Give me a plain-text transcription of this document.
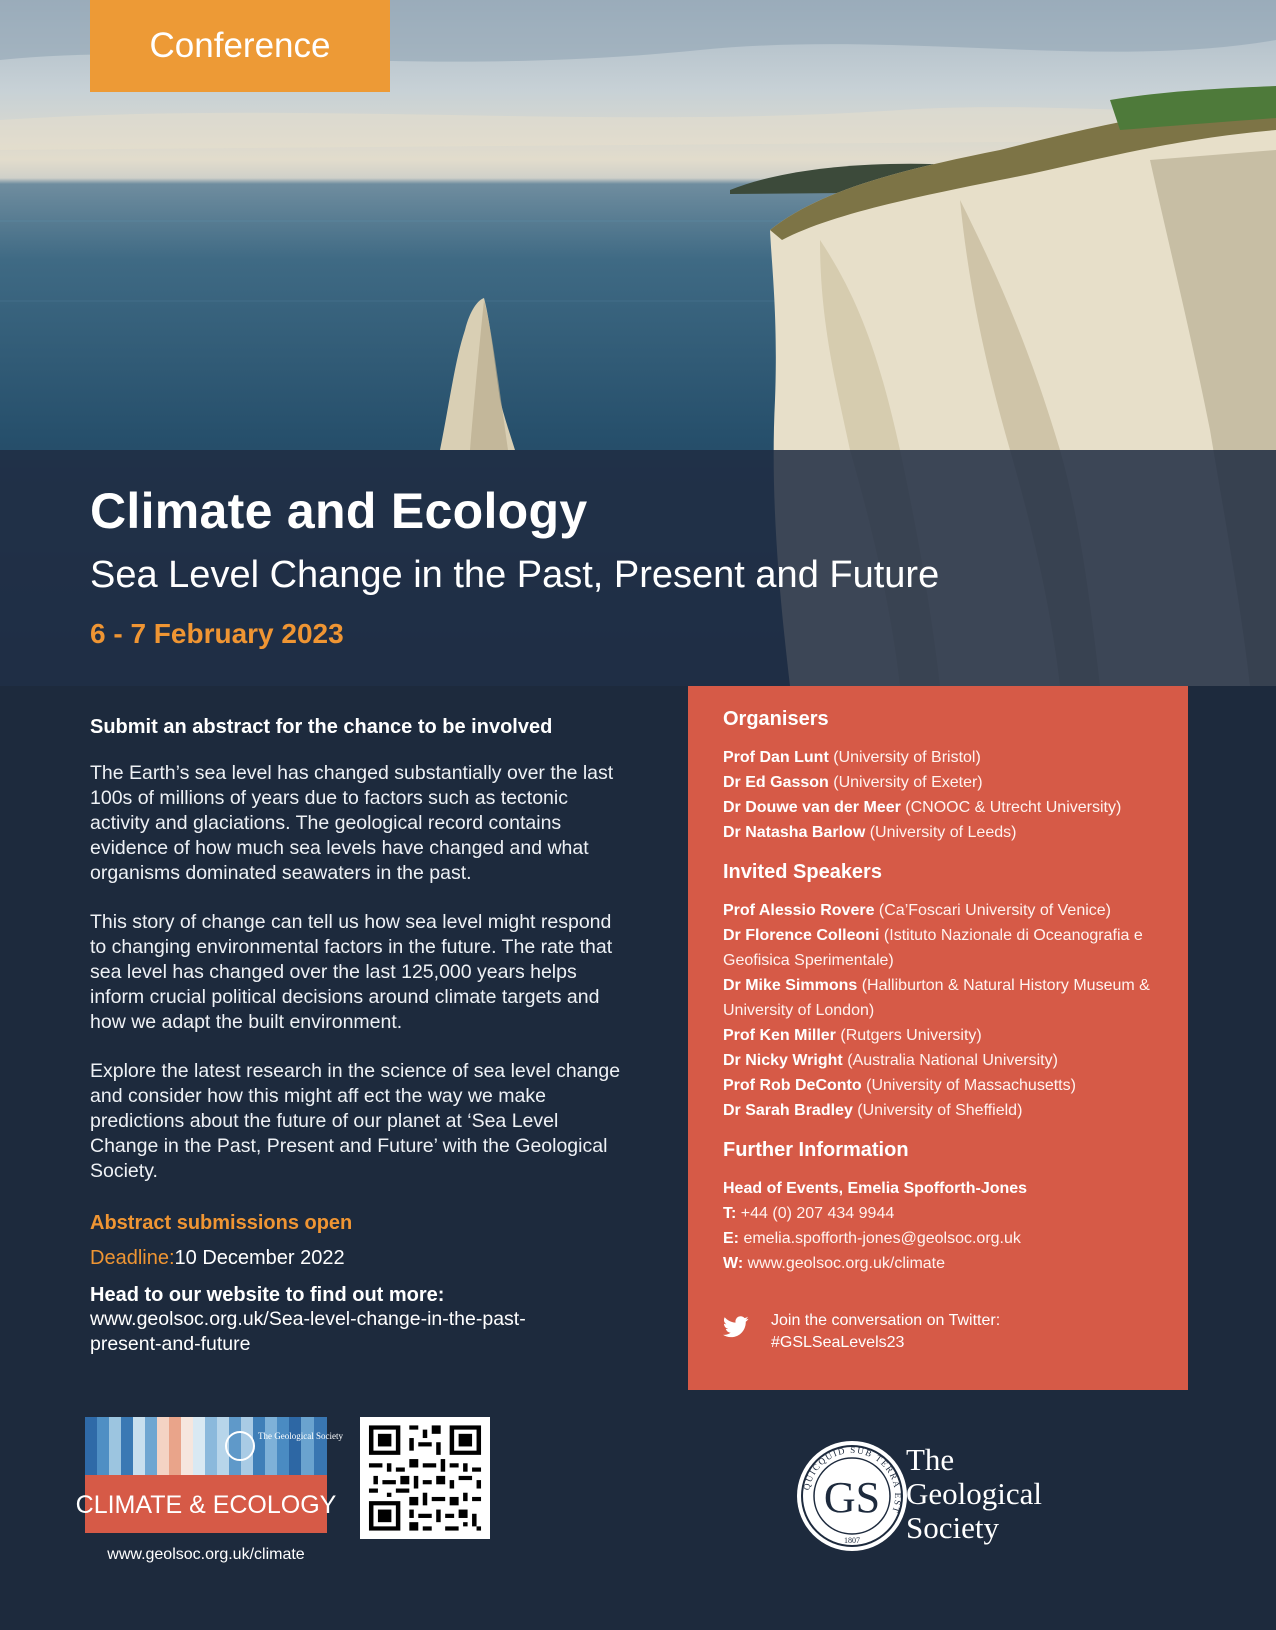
Conference
Climate and Ecology
Sea Level Change in the Past, Present and Future
6 - 7 February 2023

Submit an abstract for the chance to be involved

The Earth’s sea level has changed substantially over the last 100s of millions of years due to factors such as tectonic activity and glaciations. The geological record contains evidence of how much sea levels have changed and what organisms dominated seawaters in the past.

This story of change can tell us how sea level might respond to changing environmental factors in the future. The rate that sea level has changed over the last 125,000 years helps inform crucial political decisions around climate targets and how we adapt the built environment.

Explore the latest research in the science of sea level change and consider how this might aff ect the way we make predictions about the future of our planet at ‘Sea Level Change in the Past, Present and Future’ with the Geological Society.

Abstract submissions open

Deadline:10 December 2022

Head to our website to find out more:

www.geolsoc.org.uk/Sea-level-change-in-the-past-present-and-future

Organisers
Prof Dan Lunt (University of Bristol)
Dr Ed Gasson (University of Exeter)
Dr Douwe van der Meer (CNOOC & Utrecht University)
Dr Natasha Barlow (University of Leeds)
Invited Speakers
Prof Alessio Rovere (Ca’Foscari University of Venice)
Dr Florence Colleoni (Istituto Nazionale di Oceanografia e Geofisica Sperimentale)
Dr Mike Simmons (Halliburton & Natural History Museum & University of London)
Prof Ken Miller (Rutgers University)
Dr Nicky Wright (Australia National University)
Prof Rob DeConto (University of Massachusetts)
Dr Sarah Bradley (University of Sheffield)
Further Information
Head of Events, Emelia Spofforth-Jones
T: +44 (0) 207 434 9944
E: emelia.spofforth-jones@geolsoc.org.uk
W: www.geolsoc.org.uk/climate
Join the conversation on Twitter:
#GSLSeaLevels23
The Geological Society
CLIMATE & ECOLOGY
www.geolsoc.org.uk/climate
QUICQUID SUB TERRA EST
1807
GS
The
Geological
Society
